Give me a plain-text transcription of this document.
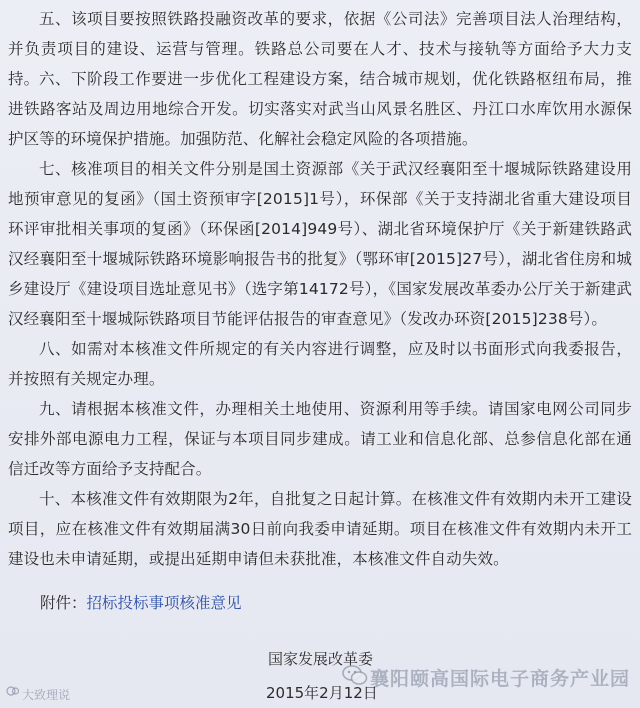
五、该项目要按照铁路投融资改革的要求，依据《公司法》完善项目法人治理结构，并负责项目的建设、运营与管理。铁路总公司要在人才、技术与接轨等方面给予大力支持。 六、下阶段工作要进一步优化工程建设方案，结合城市规划，优化铁路枢纽布局，推进铁路客站及周边用地综合开发。切实落实对武当山风景名胜区、丹江口水库饮用水源保护区等的环境保护措施。加强防范、化解社会稳定风险的各项措施。

七、核准项目的相关文件分别是国土资源部《关于武汉经襄阳至十堰城际铁路建设用地预审意见的复函》（国土资预审字[2015]1号），环保部《关于支持湖北省重大建设项目环评审批相关事项的复函》（环保函[2014]949号）、湖北省环境保护厅《关于新建铁路武汉经襄阳至十堰城际铁路环境影响报告书的批复》（鄂环审[2015]27号），湖北省住房和城乡建设厅《建设项目选址意见书》（选字第14172号），《国家发展改革委办公厅关于新建武汉经襄阳至十堰城际铁路项目节能评估报告的审查意见》（发改办环资[2015]238号）。

八、如需对本核准文件所规定的有关内容进行调整，应及时以书面形式向我委报告，并按照有关规定办理。

九、请根据本核准文件，办理相关土地使用、资源利用等手续。请国家电网公司同步安排外部电源电力工程，保证与本项目同步建成。请工业和信息化部、总参信息化部在通信迁改等方面给予支持配合。

十、本核准文件有效期限为2年，自批复之日起计算。在核准文件有效期内未开工建设项目，应在核准文件有效期届满30日前向我委申请延期。项目在核准文件有效期内未开工建设也未申请延期，或提出延期申请但未获批准，本核准文件自动失效。

附件：招标投标事项核准意见

国家发展改革委

襄阳颐高国际电子商务产业园

2015年2月12日

大致理说
